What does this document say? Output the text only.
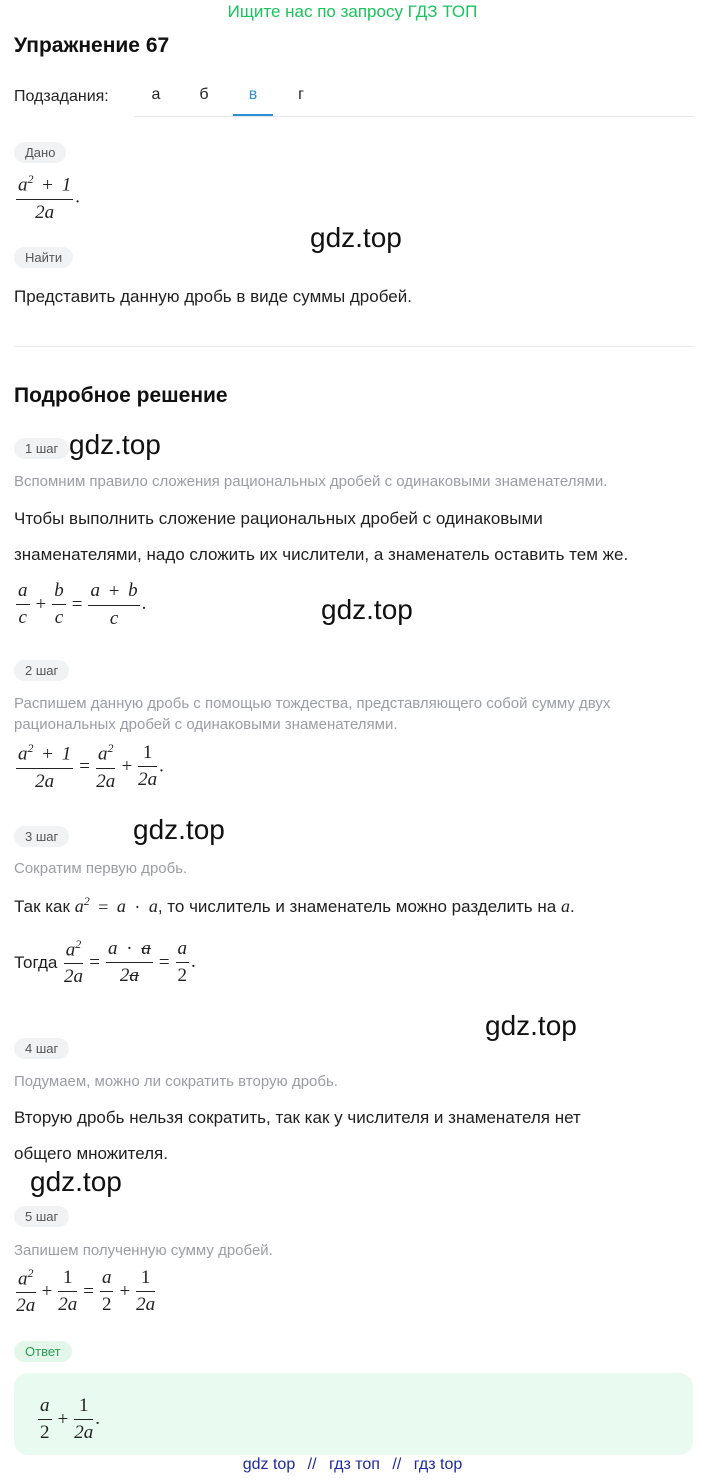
Ищите нас по запросу ГДЗ ТОП
Упражнение 67
Подзадания:	а	б	в	г
Дано
$\frac{a^2 + 1}{2a}$ .
gdz.top
Найти
Представить данную дробь в виде суммы дробей.
Подробное решение
1 шаг gdz.top
Вспомним правило сложения рациональных дробей с одинаковыми знаменателями.
Чтобы выполнить сложение рациональных дробей с одинаковыми
знаменателями, надо сложить их числители, а знаменатель оставить тем же.
$\frac{a}{c} + \frac{b}{c} = \frac{a + b}{c}$ .	gdz.top
2 шаг
Распишем данную дробь с помощью тождества, представляющего собой сумму двух
рациональных дробей с одинаковыми знаменателями.
$\frac{a^2 + 1}{2a} = \frac{a^2}{2a} + \frac{1}{2a}$ .
3 шаг	gdz.top
Сократим первую дробь.
Так как $a^2 = a \cdot a$, то числитель и знаменатель можно разделить на a.
Тогда $\frac{a^2}{2a} = \frac{a \cdot a}{2a} = \frac{a}{2}$ .
gdz.top
4 шаг
Подумаем, можно ли сократить вторую дробь.
Вторую дробь нельзя сократить, так как у числителя и знаменателя нет
общего множителя.
gdz.top
5 шаг
Запишем полученную сумму дробей.
$\frac{a^2}{2a} + \frac{1}{2a} = \frac{a}{2} + \frac{1}{2a}$
Ответ
$\frac{a}{2} + \frac{1}{2a}$ .
gdz top // гдз топ // гдз top
